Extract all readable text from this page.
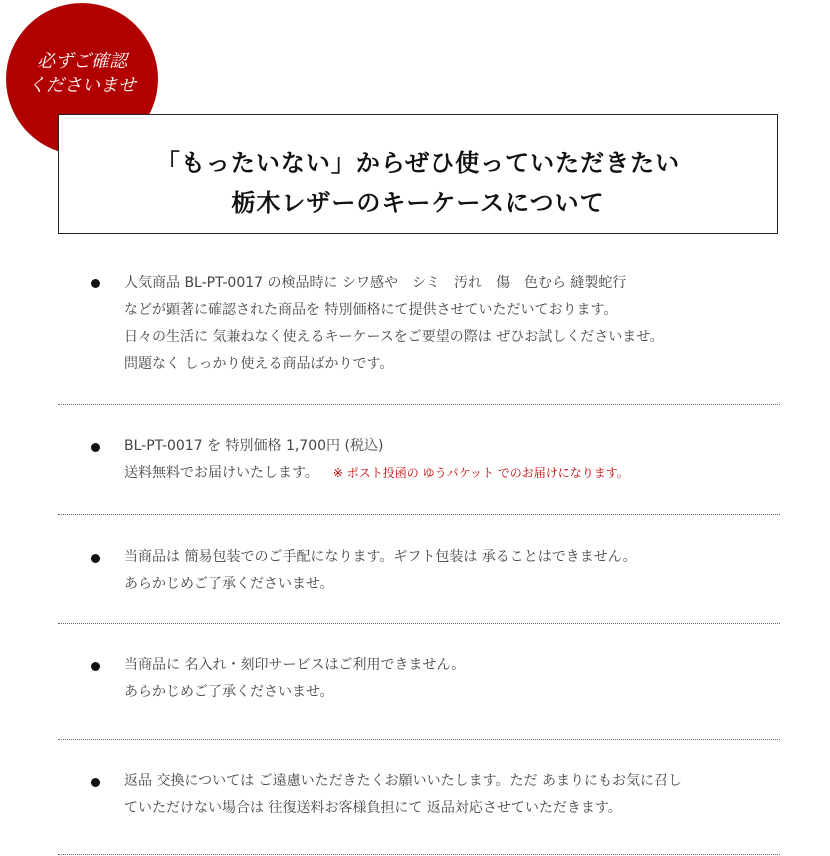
必ずご確認
くださいませ
「もったいない」からぜひ使っていただきたい
栃木レザーのキーケースについて
人気商品 BL-PT-0017 の検品時に シワ感や　シミ　汚れ　傷　色むら 縫製蛇行
などが顕著に確認された商品を 特別価格にて提供させていただいております。
日々の生活に 気兼ねなく使えるキーケースをご要望の際は ぜひお試しくださいませ。
問題なく しっかり使える商品ばかりです。
BL-PT-0017 を 特別価格 1,700円 (税込)
送料無料でお届けいたします。 ※ ポスト投函の ゆうパケット でのお届けになります。
当商品は 簡易包装でのご手配になります。ギフト包装は 承ることはできません。
あらかじめご了承くださいませ。
当商品に 名入れ・刻印サービスはご利用できません。
あらかじめご了承くださいませ。
返品 交換については ご遠慮いただきたくお願いいたします。ただ あまりにもお気に召し
ていただけない場合は 往復送料お客様負担にて 返品対応させていただきます。
